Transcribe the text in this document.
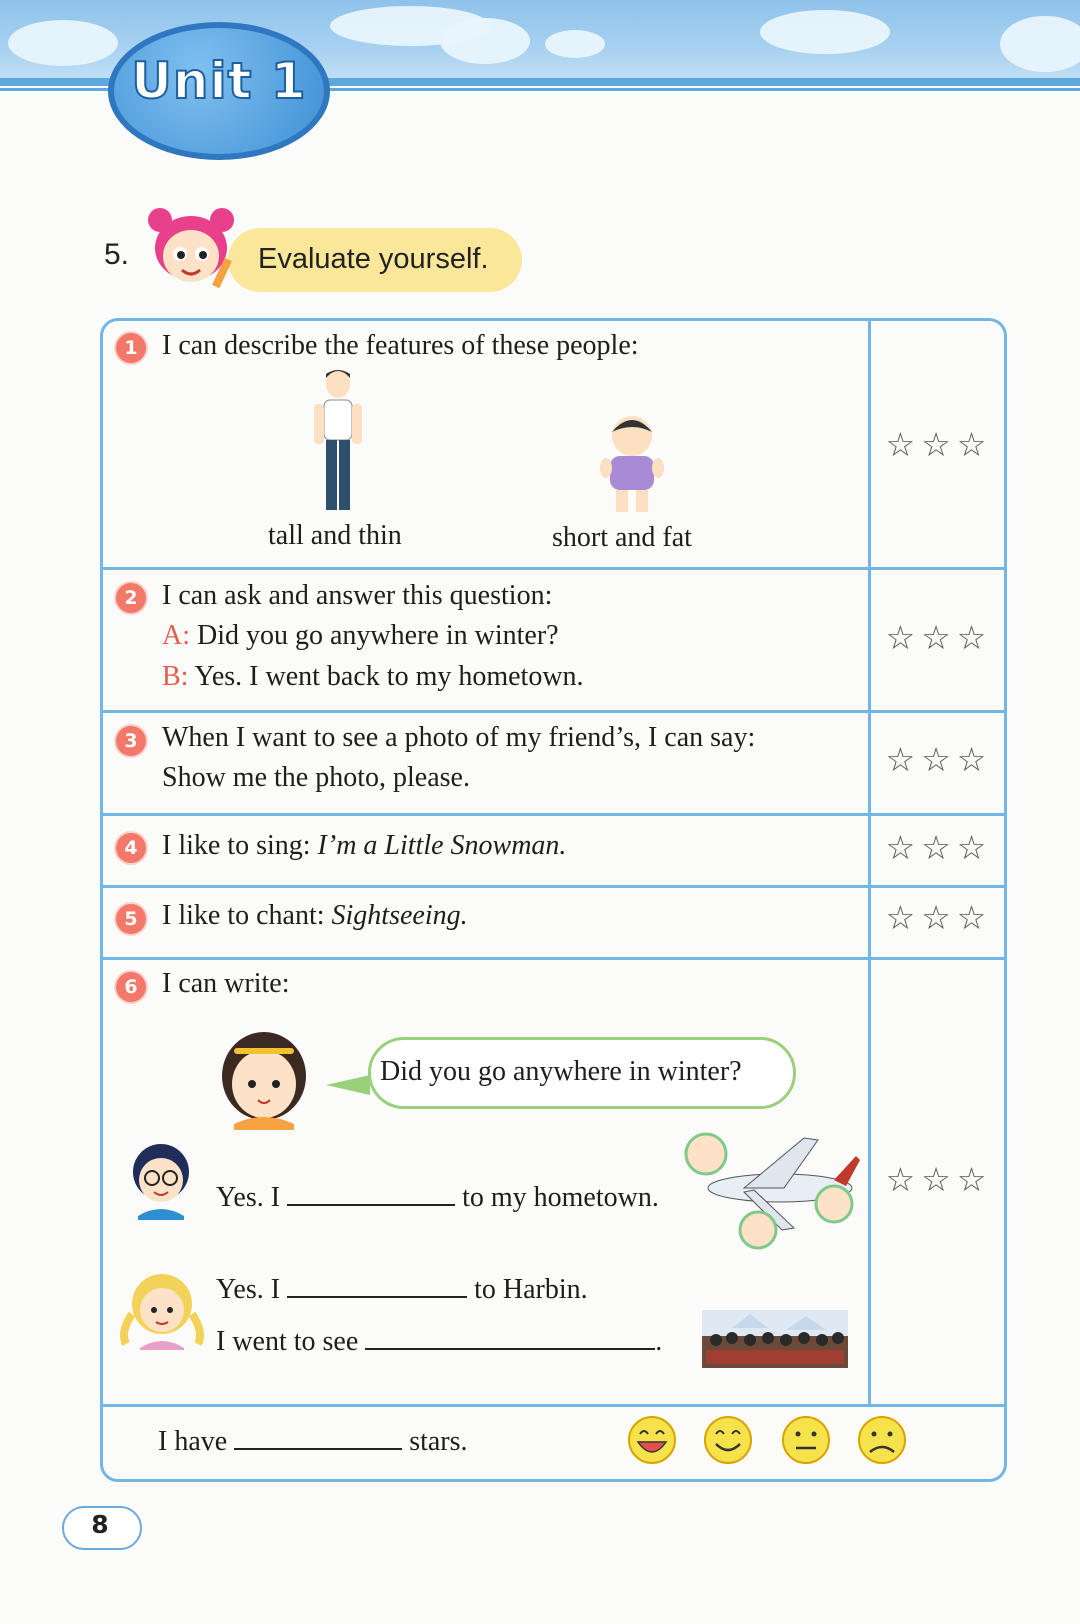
Unit 1
5.	Evaluate yourself.
1 I can describe the features of these people:
tall and thin	short and fat
☆☆☆
2 I can ask and answer this question:
A: Did you go anywhere in winter?
B: Yes. I went back to my hometown.
☆☆☆
3 When I want to see a photo of my friend’s, I can say:
Show me the photo, please.	☆☆☆
4 I like to sing: I’m a Little Snowman.	☆☆☆
5 I like to chant: Sightseeing.	☆☆☆
6 I can write:
Did you go anywhere in winter?
Yes. I	to my hometown.
Yes. I	to Harbin.
I went to see	.
☆☆☆
I have	stars.
8
